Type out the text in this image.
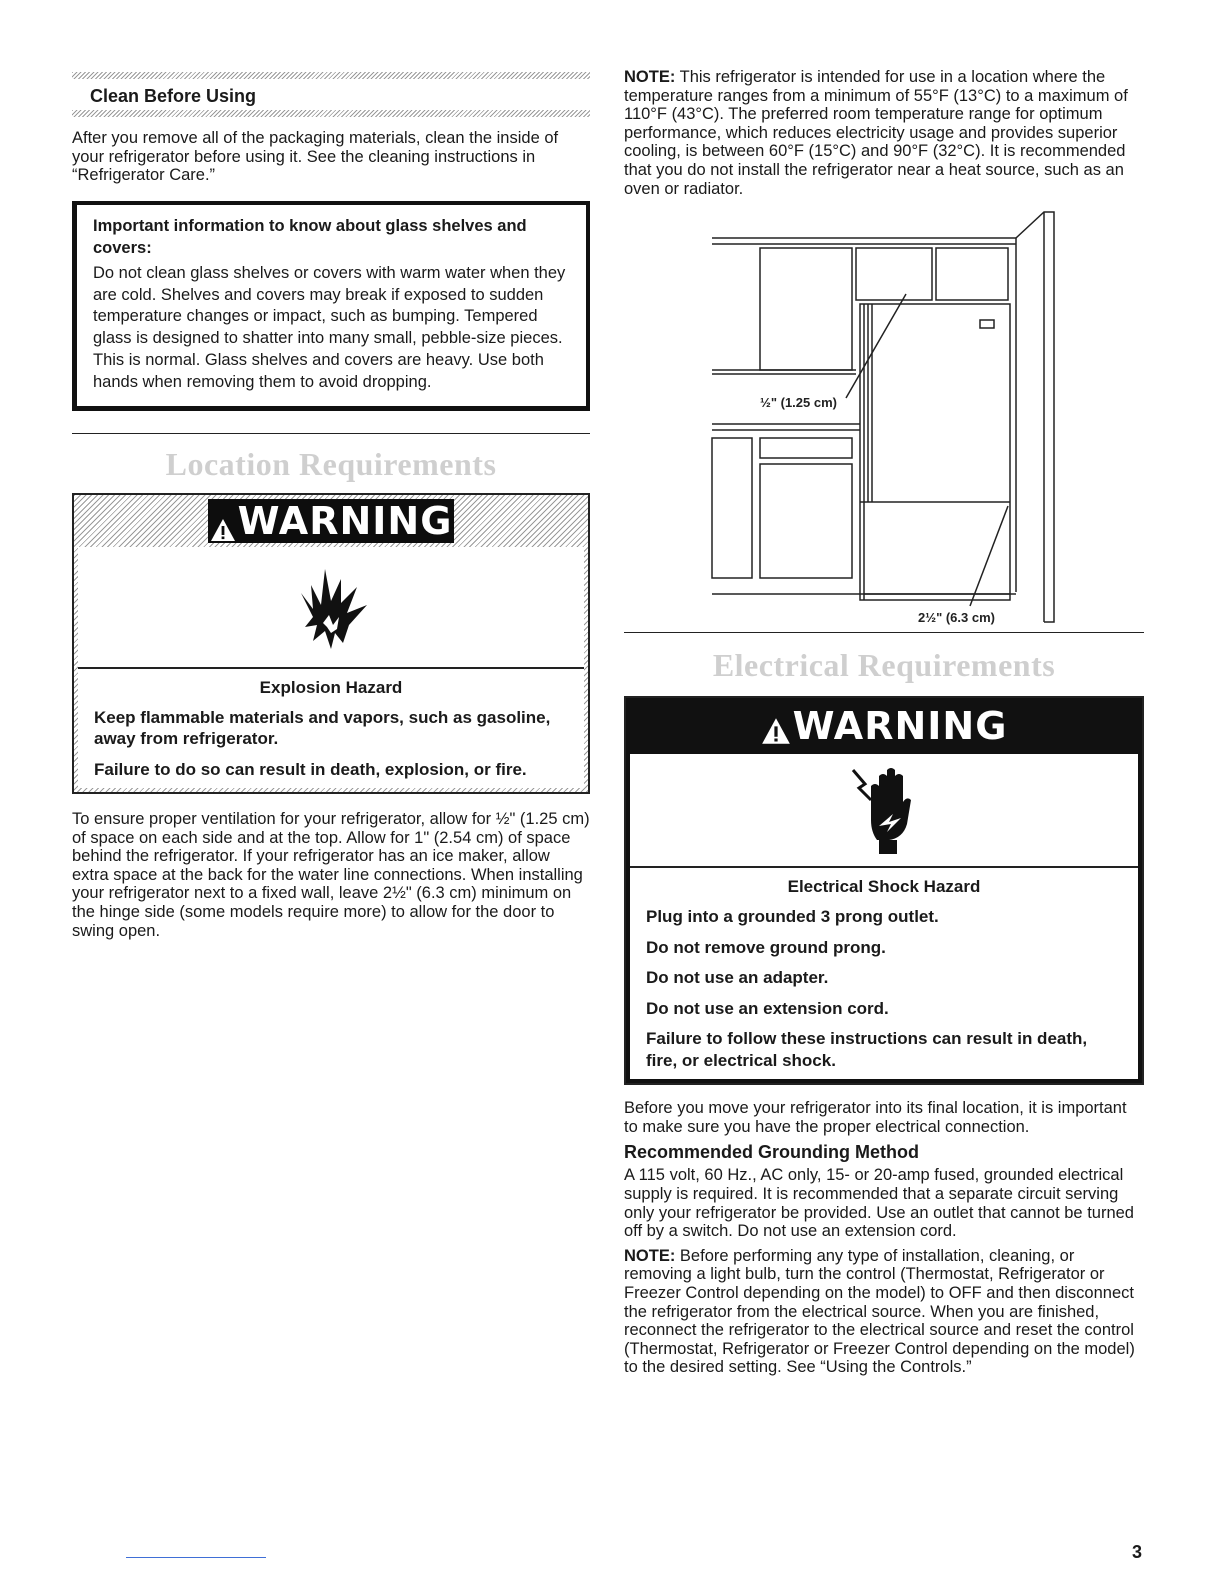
Clean Before Using

After you remove all of the packaging materials, clean the inside of your refrigerator before using it. See the cleaning instructions in “Refrigerator Care.”

Important information to know about glass shelves and covers:

Do not clean glass shelves or covers with warm water when they are cold. Shelves and covers may break if exposed to sudden temperature changes or impact, such as bumping. Tempered glass is designed to shatter into many small, pebble-size pieces. This is normal. Glass shelves and covers are heavy. Use both hands when removing them to avoid dropping.

Location Requirements
WARNING
Explosion Hazard
Keep flammable materials and vapors, such as gasoline, away from refrigerator.
Failure to do so can result in death, explosion, or fire.

To ensure proper ventilation for your refrigerator, allow for ½" (1.25 cm) of space on each side and at the top. Allow for 1" (2.54 cm) of space behind the refrigerator. If your refrigerator has an ice maker, allow extra space at the back for the water line connections. When installing your refrigerator next to a fixed wall, leave 2½" (6.3 cm) minimum on the hinge side (some models require more) to allow for the door to swing open.

NOTE: This refrigerator is intended for use in a location where the temperature ranges from a minimum of 55°F (13°C) to a maximum of 110°F (43°C). The preferred room temperature range for optimum performance, which reduces electricity usage and provides superior cooling, is between 60°F (15°C) and 90°F (32°C). It is recommended that you do not install the refrigerator near a heat source, such as an oven or radiator.

½" (1.25 cm)
2½" (6.3 cm)
Electrical Requirements
WARNING
Electrical Shock Hazard
Plug into a grounded 3 prong outlet.
Do not remove ground prong.
Do not use an adapter.
Do not use an extension cord.
Failure to follow these instructions can result in death, fire, or electrical shock.

Before you move your refrigerator into its final location, it is important to make sure you have the proper electrical connection.

Recommended Grounding Method

A 115 volt, 60 Hz., AC only, 15- or 20-amp fused, grounded electrical supply is required. It is recommended that a separate circuit serving only your refrigerator be provided. Use an outlet that cannot be turned off by a switch. Do not use an extension cord.

NOTE: Before performing any type of installation, cleaning, or removing a light bulb, turn the control (Thermostat, Refrigerator or Freezer Control depending on the model) to OFF and then disconnect the refrigerator from the electrical source. When you are finished, reconnect the refrigerator to the electrical source and reset the control (Thermostat, Refrigerator or Freezer Control depending on the model) to the desired setting. See “Using the Controls.”

3
